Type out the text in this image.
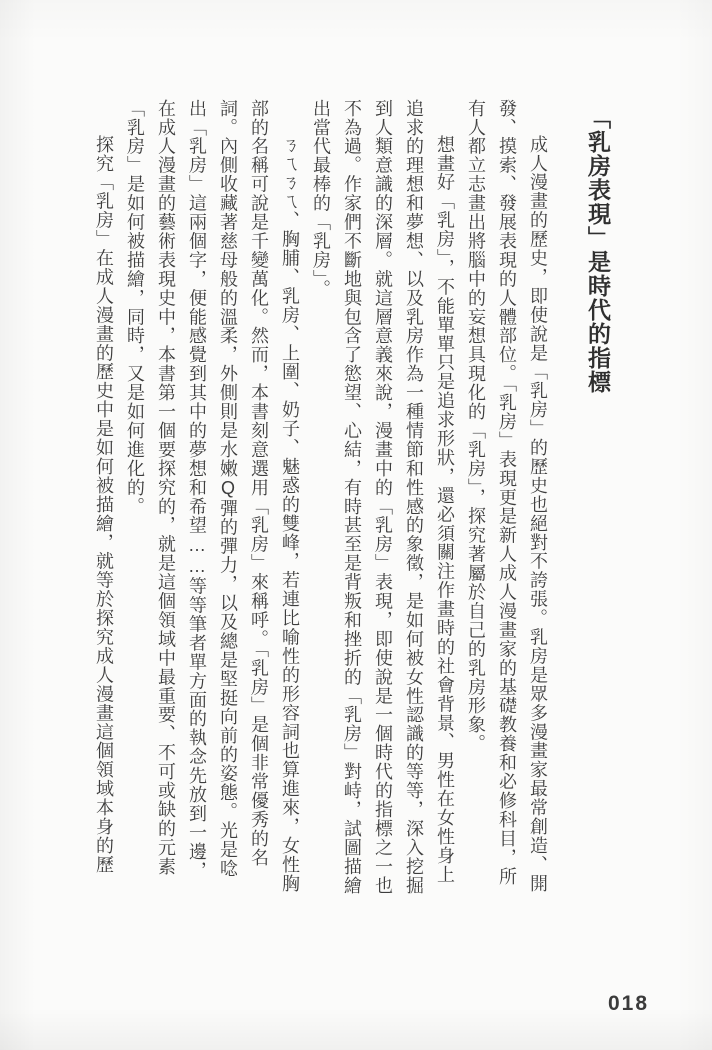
「乳房表現」是時代的指標

成人漫畫的歷史，即使說是「乳房」的歷史也絕對不誇張。乳房是眾多漫畫家最常創造、開發、摸索、發展表現的人體部位。「乳房」表現更是新人成人漫畫家的基礎教養和必修科目，所有人都立志畫出將腦中的妄想具現化的「乳房」，探究著屬於自己的乳房形象。

想畫好「乳房」，不能單單只是追求形狀，還必須關注作畫時的社會背景、男性在女性身上追求的理想和夢想、以及乳房作為一種情節和性感的象徵，是如何被女性認識的等等，深入挖掘到人類意識的深層。就這層意義來說，漫畫中的「乳房」表現，即使說是一個時代的指標之一也不為過。作家們不斷地與包含了慾望、心結，有時甚至是背叛和挫折的「乳房」對峙，試圖描繪出當代最棒的「乳房」。

ㄋㄟㄋㄟ、胸脯、乳房、上圍、奶子、魅惑的雙峰，若連比喻性的形容詞也算進來，女性胸部的名稱可說是千變萬化。然而，本書刻意選用「乳房」來稱呼。「乳房」是個非常優秀的名詞。內側收藏著慈母般的溫柔，外側則是水嫩Q彈的彈力，以及總是堅挺向前的姿態。光是唸出「乳房」這兩個字，便能感覺到其中的夢想和希望……等等筆者單方面的執念先放到一邊，在成人漫畫的藝術表現史中，本書第一個要探究的，就是這個領域中最重要、不可或缺的元素「乳房」是如何被描繪，同時，又是如何進化的。

探究「乳房」在成人漫畫的歷史中是如何被描繪，就等於探究成人漫畫這個領域本身的歷

018
